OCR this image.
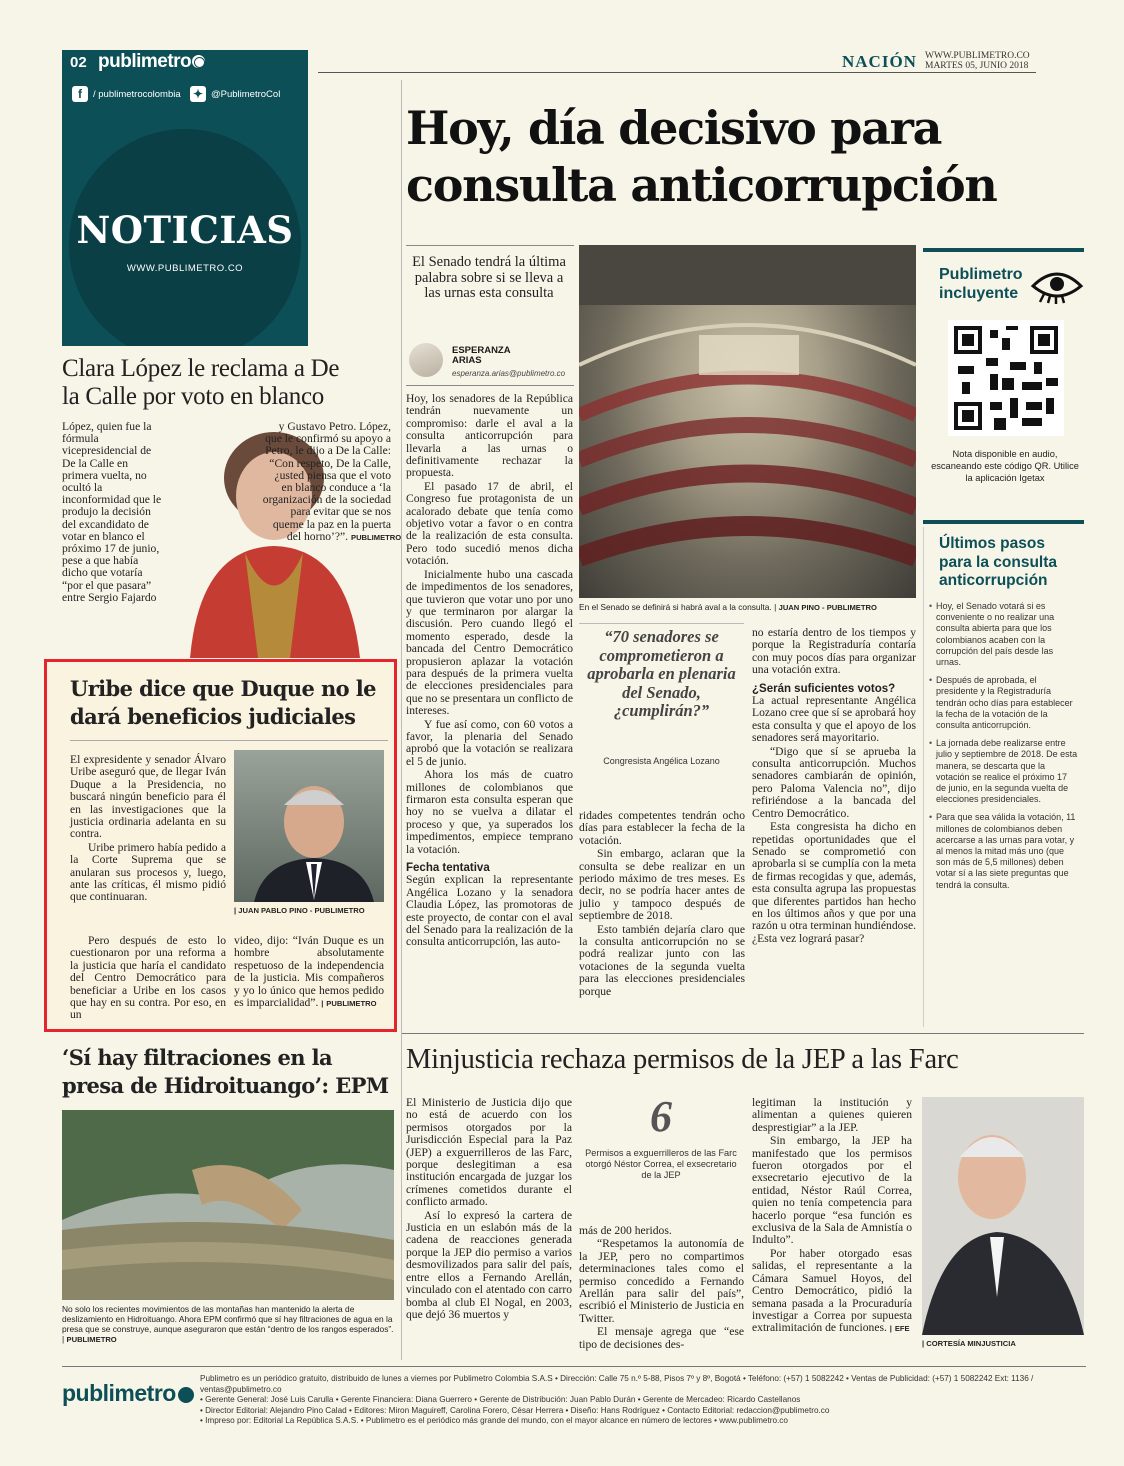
02 publimetro
f	/ publimetrocolombia ✦ @PublimetroCol
NOTICIAS
WWW.PUBLIMETRO.CO
NACIÓN WWW.PUBLIMETRO.CO
MARTES 05, JUNIO 2018
Hoy, día decisivo para
consulta anticorrupción
El Senado tendrá la última palabra sobre si se lleva a las urnas esta consulta
ESPERANZA
ARIAS
esperanza.arias@publimetro.co

Hoy, los senadores de la República tendrán nuevamente un compromiso: darle el aval a la consulta anticorrupción para llevarla a las urnas o definitivamente rechazar la propuesta.

El pasado 17 de abril, el Congreso fue protagonista de un acalorado debate que tenía como objetivo votar a favor o en contra de la realización de esta consulta. Pero todo sucedió menos dicha votación.

Inicialmente hubo una cascada de impedimentos de los senadores, que tuvieron que votar uno por uno y que terminaron por alargar la discusión. Pero cuando llegó el momento esperado, desde la bancada del Centro Democrático propusieron aplazar la votación para después de la primera vuelta de elecciones presidenciales para que no se presentara un conflicto de intereses.

Y fue así como, con 60 votos a favor, la plenaria del Senado aprobó que la votación se realizara el 5 de junio.

Ahora los más de cuatro millones de colombianos que firmaron esta consulta esperan que hoy no se vuelva a dilatar el proceso y que, ya superados los impedimentos, empiece temprano la votación.

Fecha tentativa

Según explican la representante Angélica Lozano y la senadora Claudia López, las promotoras de este proyecto, de contar con el aval del Senado para la realización de la consulta anticorrupción, las auto-

En el Senado se definirá si habrá aval a la consulta. | JUAN PINO - PUBLIMETRO
“70 senadores se comprometieron a aprobarla en plenaria del Senado, ¿cumplirán?”
Congresista Angélica Lozano

ridades competentes tendrán ocho días para establecer la fecha de la votación.

Sin embargo, aclaran que la consulta se debe realizar en un periodo máximo de tres meses. Es decir, no se podría hacer antes de julio y tampoco después de septiembre de 2018.

Esto también dejaría claro que la consulta anticorrupción no se podrá realizar junto con las votaciones de la segunda vuelta para las elecciones presidenciales porque

no estaría dentro de los tiempos y porque la Registraduría contaría con muy pocos días para organizar una votación extra.

¿Serán suficientes votos?

La actual representante Angélica Lozano cree que sí se aprobará hoy esta consulta y que el apoyo de los senadores será mayoritario.

“Digo que sí se aprueba la consulta anticorrupción. Muchos senadores cambiarán de opinión, pero Paloma Valencia no”, dijo refiriéndose a la bancada del Centro Democrático.

Esta congresista ha dicho en repetidas oportunidades que el Senado se comprometió con aprobarla si se cumplía con la meta de firmas recogidas y que, además, esta consulta agrupa las propuestas que diferentes partidos han hecho en los últimos años y que por una razón u otra terminan hundiéndose. ¿Esta vez logrará pasar?

Publimetro
incluyente
Nota disponible en audio, escaneando este código QR. Utilice la aplicación Igetax
Últimos pasos para la consulta anticorrupción
• Hoy, el Senado votará si es conveniente o no realizar una consulta abierta para que los colombianos acaben con la corrupción del país desde las urnas.
• Después de aprobada, el presidente y la Registraduría tendrán ocho días para establecer la fecha de la votación de la consulta anticorrupción.
• La jornada debe realizarse entre julio y septiembre de 2018. De esta manera, se descarta que la votación se realice el próximo 17 de junio, en la segunda vuelta de elecciones presidenciales.
• Para que sea válida la votación, 11 millones de colombianos deben acercarse a las urnas para votar, y al menos la mitad más uno (que son más de 5,5 millones) deben votar sí a las siete preguntas que tendrá la consulta.
Clara López le reclama a De
la Calle por voto en blanco
López, quien fue la fórmula vicepresidencial de De la Calle en primera vuelta, no ocultó la inconformidad que le produjo la decisión del excandidato de votar en blanco el próximo 17 de junio, pese a que había dicho que votaría “por el que pasara” entre Sergio Fajardo
y Gustavo Petro. López, que le confirmó su apoyo a Petro, le dijo a De la Calle: “Con respeto, De la Calle, ¿usted piensa que el voto en blanco conduce a ‘la organización de la sociedad para evitar que se nos queme la paz en la puerta del horno’?”. PUBLIMETRO
Uribe dice que Duque no le
dará beneficios judiciales
| JUAN PABLO PINO - PUBLIMETRO

El expresidente y senador Álvaro Uribe aseguró que, de llegar Iván Duque a la Presidencia, no buscará ningún beneficio para él en las investigaciones que la justicia ordinaria adelanta en su contra.

Uribe primero había pedido a la Corte Suprema que se anularan sus procesos y, luego, ante las críticas, él mismo pidió que continuaran.

Pero después de esto lo cuestionaron por una reforma a la justicia que haría el candidato del Centro Democrático para beneficiar a Uribe en los casos que hay en su contra. Por eso, en un

video, dijo: “Iván Duque es un hombre absolutamente respetuoso de la independencia de la justicia. Mis compañeros y yo lo único que hemos pedido es imparcialidad”. | PUBLIMETRO
‘Sí hay filtraciones en la
presa de Hidroituango’: EPM
No solo los recientes movimientos de las montañas han mantenido la alerta de deslizamiento en Hidroituango. Ahora EPM confirmó que sí hay filtraciones de agua en la presa que se construye, aunque aseguraron que están “dentro de los rangos esperados”. | PUBLIMETRO
Minjusticia rechaza permisos de la JEP a las Farc

El Ministerio de Justicia dijo que no está de acuerdo con los permisos otorgados por la Jurisdicción Especial para la Paz (JEP) a exguerrilleros de las Farc, porque deslegitiman a esa institución encargada de juzgar los crímenes cometidos durante el conflicto armado.

Así lo expresó la cartera de Justicia en un eslabón más de la cadena de reacciones generada porque la JEP dio permiso a varios desmovilizados para salir del país, entre ellos a Fernando Arellán, vinculado con el atentado con carro bomba al club El Nogal, en 2003, que dejó 36 muertos y

6
Permisos a exguerrilleros de las Farc otorgó Néstor Correa, el exsecretario de la JEP

más de 200 heridos.

“Respetamos la autonomía de la JEP, pero no compartimos determinaciones tales como el permiso concedido a Fernando Arellán para salir del país”, escribió el Ministerio de Justicia en Twitter.

El mensaje agrega que “ese tipo de decisiones des-

legitiman la institución y alimentan a quienes quieren desprestigiar” a la JEP.

Sin embargo, la JEP ha manifestado que los permisos fueron otorgados por el exsecretario ejecutivo de la entidad, Néstor Raúl Correa, quien no tenía competencia para hacerlo porque “esa función es exclusiva de la Sala de Amnistía o Indulto”.

Por haber otorgado esas salidas, el representante a la Cámara Samuel Hoyos, del Centro Democrático, pidió la semana pasada a la Procuraduría investigar a Correa por supuesta extralimitación de funciones. | EFE

| CORTESÍA MINJUSTICIA
publimetro
Publimetro es un periódico gratuito, distribuido de lunes a viernes por Publimetro Colombia S.A.S • Dirección: Calle 75 n.º 5-88, Pisos 7º y 8º, Bogotá • Teléfono: (+57) 1 5082242 • Ventas de Publicidad: (+57) 1 5082242 Ext: 1136 / ventas@publimetro.co
• Gerente General: José Luis Carulla • Gerente Financiera: Diana Guerrero • Gerente de Distribución: Juan Pablo Durán • Gerente de Mercadeo: Ricardo Castellanos
• Director Editorial: Alejandro Pino Calad • Editores: Miron Maguireff, Carolina Forero, César Herrera • Diseño: Hans Rodríguez • Contacto Editorial: redaccion@publimetro.co
• Impreso por: Editorial La República S.A.S. • Publimetro es el periódico más grande del mundo, con el mayor alcance en número de lectores • www.publimetro.co
